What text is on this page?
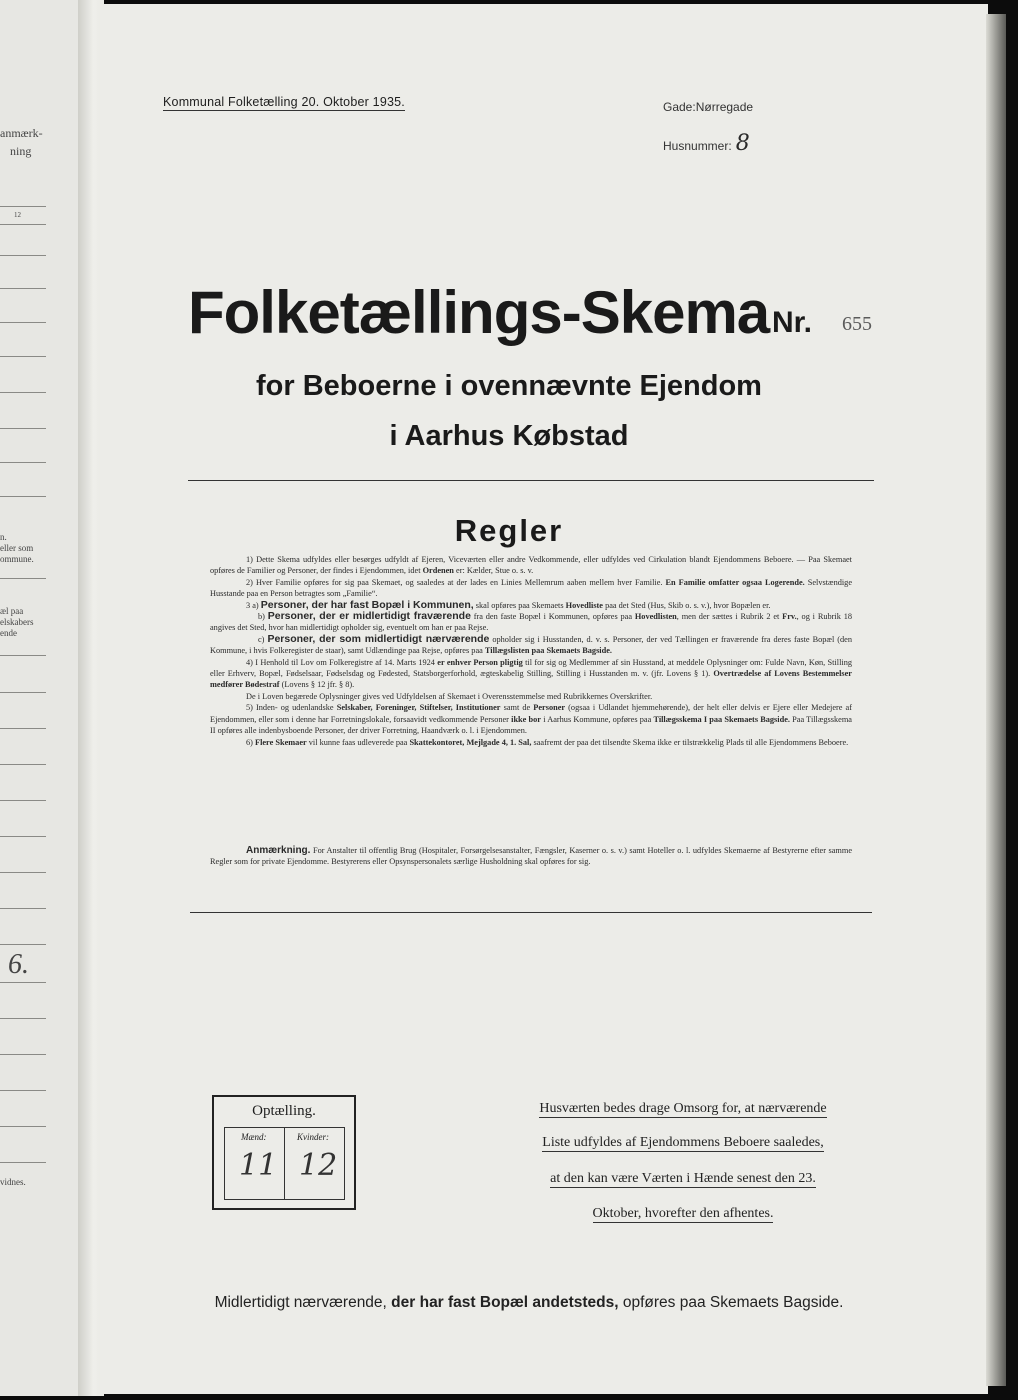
anmærk-
ning
12
n.
eller som
ommune.
æl paa
elskabers
ende
6.
vidnes.
Kommunal Folketælling 20. Oktober 1935.	Gade:Nørregade
Husnummer: 8
Folketællings-Skema Nr. 655
for Beboerne i ovennævnte Ejendom
i Aarhus Købstad
Regler

1) Dette Skema udfyldes eller besørges udfyldt af Ejeren, Viceværten eller andre Vedkommende, eller udfyldes ved Cirkulation blandt Ejendommens Beboere. — Paa Skemaet opføres de Familier og Personer, der findes i Ejendommen, idet Ordenen er: Kælder, Stue o. s. v.

2) Hver Familie opføres for sig paa Skemaet, og saaledes at der lades en Linies Mellemrum aaben mellem hver Familie. En Familie omfatter ogsaa Logerende. Selvstændige Husstande paa en Person betragtes som „Familie“.

3 a) Personer, der har fast Bopæl i Kommunen, skal opføres paa Skemaets Hovedliste paa det Sted (Hus, Skib o. s. v.), hvor Bopælen er.

b) Personer, der er midlertidigt fraværende fra den faste Bopæl i Kommunen, opføres paa Hovedlisten, men der sættes i Rubrik 2 et Frv., og i Rubrik 18 angives det Sted, hvor han midlertidigt opholder sig, eventuelt om han er paa Rejse.

c) Personer, der som midlertidigt nærværende opholder sig i Husstanden, d. v. s. Personer, der ved Tællingen er fraværende fra deres faste Bopæl (den Kommune, i hvis Folkeregister de staar), samt Udlændinge paa Rejse, opføres paa Tillægslisten paa Skemaets Bagside.

4) I Henhold til Lov om Folkeregistre af 14. Marts 1924 er enhver Person pligtig til for sig og Medlemmer af sin Husstand, at meddele Oplysninger om: Fulde Navn, Køn, Stilling eller Erhverv, Bopæl, Fødselsaar, Fødselsdag og Fødested, Statsborgerforhold, ægteskabelig Stilling, Stilling i Husstanden m. v. (jfr. Lovens § 1). Overtrædelse af Lovens Bestemmelser medfører Bødestraf (Lovens § 12 jfr. § 8).

De i Loven begærede Oplysninger gives ved Udfyldelsen af Skemaet i Overensstemmelse med Rubrikkernes Overskrifter.

5) Inden- og udenlandske Selskaber, Foreninger, Stiftelser, Institutioner samt de Personer (ogsaa i Udlandet hjemmehørende), der helt eller delvis er Ejere eller Medejere af Ejendommen, eller som i denne har Forretningslokale, forsaavidt vedkommende Personer ikke bor i Aarhus Kommune, opføres paa Tillægsskema I paa Skemaets Bagside. Paa Tillægsskema II opføres alle indenbysboende Personer, der driver Forretning, Haandværk o. l. i Ejendommen.

6) Flere Skemaer vil kunne faas udleverede paa Skattekontoret, Mejlgade 4, 1. Sal, saafremt der paa det tilsendte Skema ikke er tilstrækkelig Plads til alle Ejendommens Beboere.

Anmærkning. For Anstalter til offentlig Brug (Hospitaler, Forsørgelsesanstalter, Fængsler, Kaserner o. s. v.) samt Hoteller o. l. udfyldes Skemaerne af Bestyrerne efter samme Regler som for private Ejendomme. Bestyrerens eller Opsynspersonalets særlige Husholdning skal opføres for sig.

Optælling.
Mænd:	Kvinder:
11 12
Husværten bedes drage Omsorg for, at nærværende
Liste udfyldes af Ejendommens Beboere saaledes,
at den kan være Værten i Hænde senest den 23.
Oktober, hvorefter den afhentes.
Midlertidigt nærværende, der har fast Bopæl andetsteds, opføres paa Skemaets Bagside.
